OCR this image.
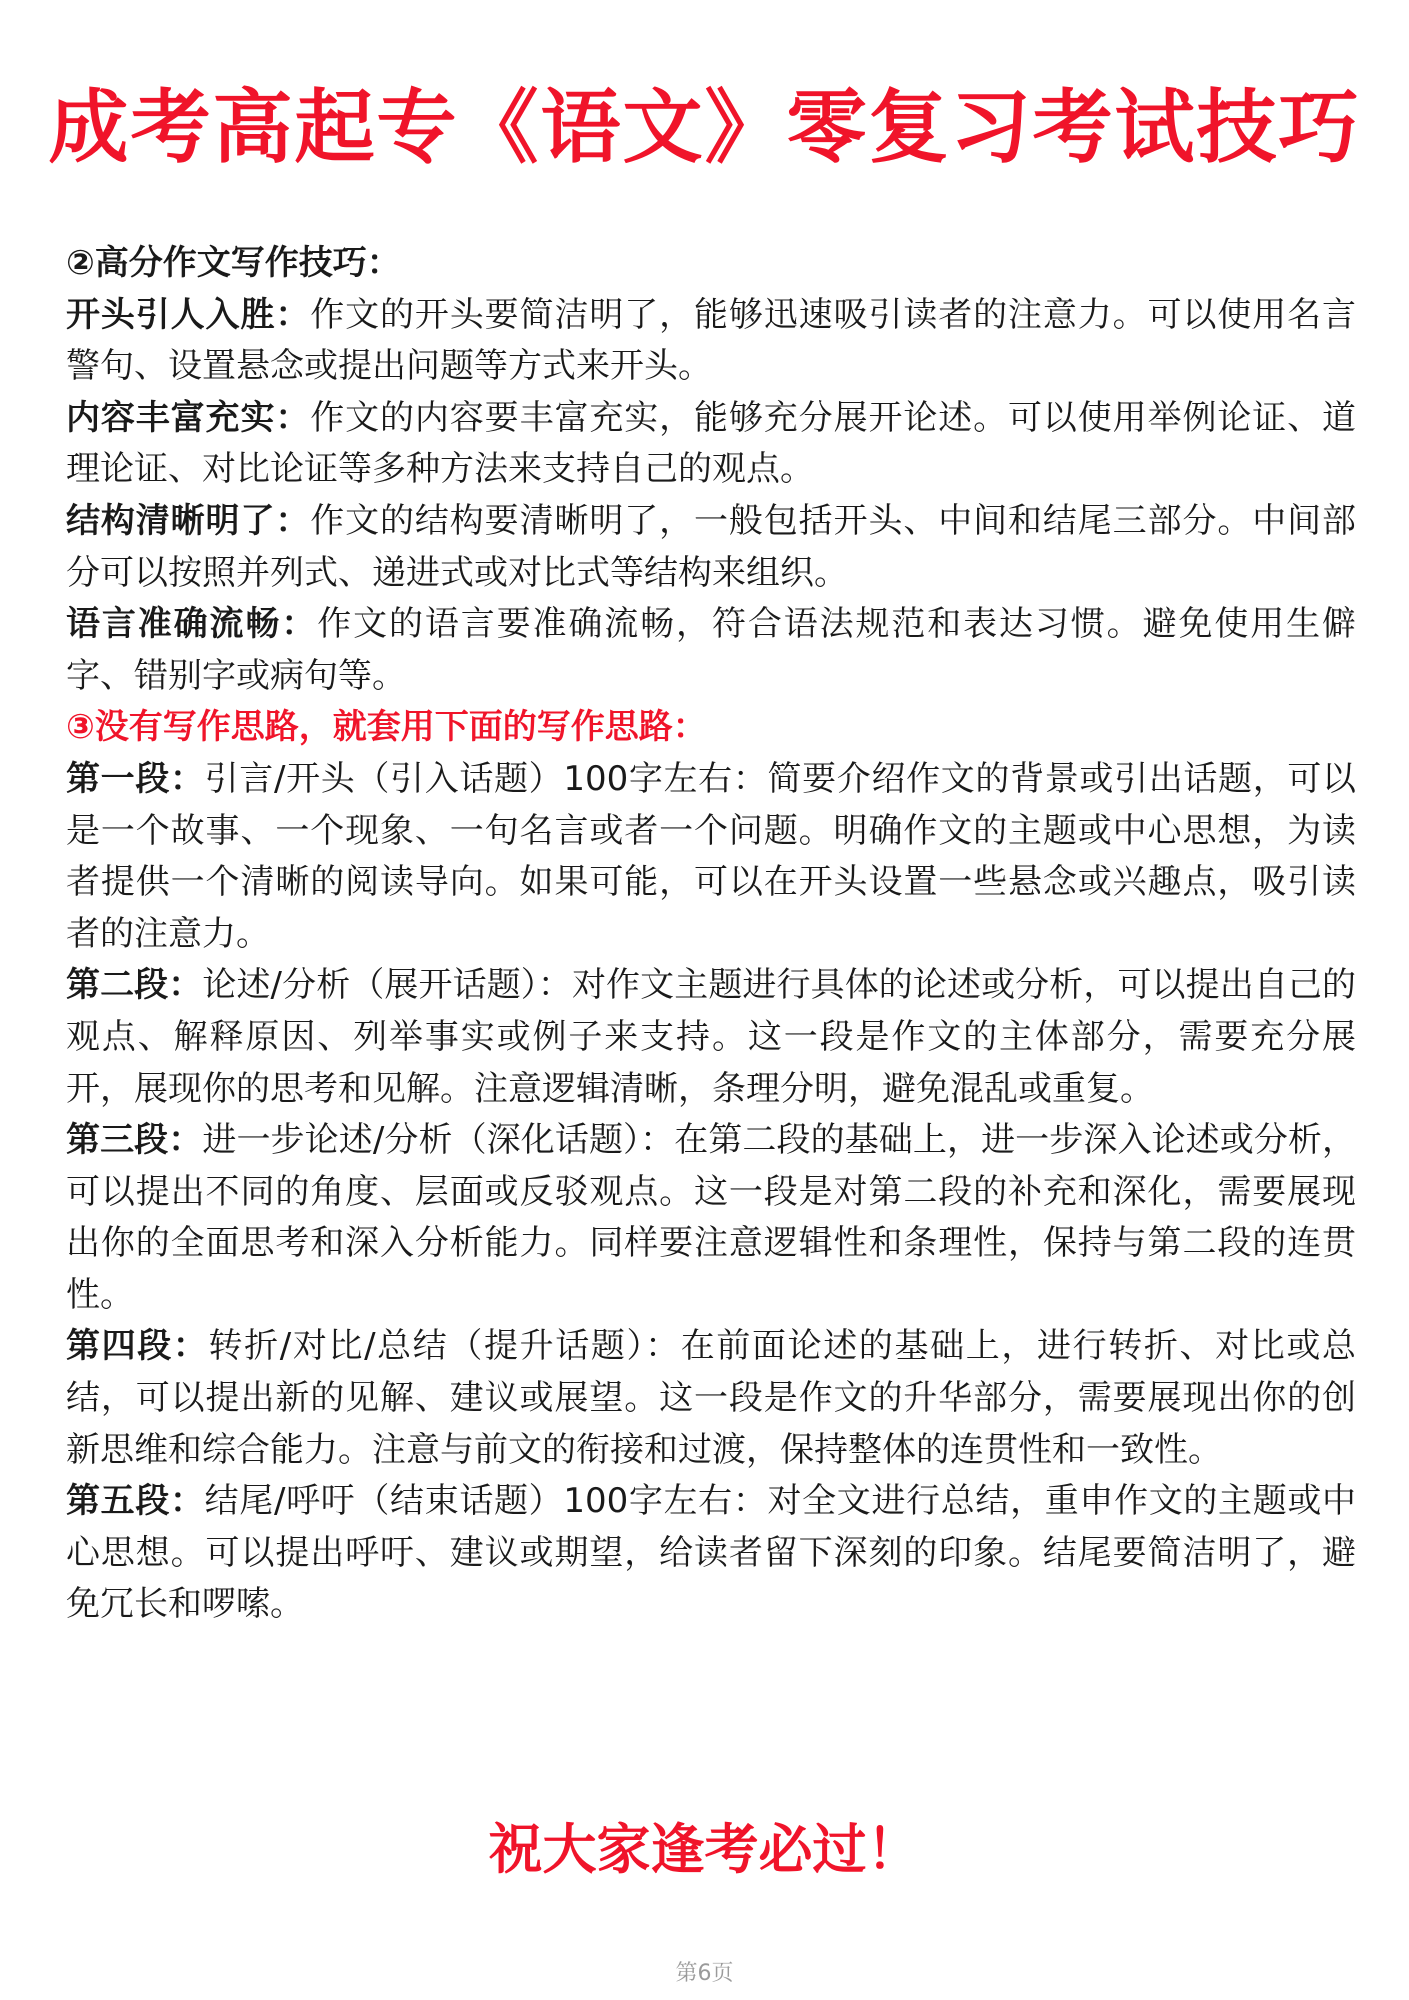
成考高起专《语文》零复习考试技巧

②高分作文写作技巧：

开头引人入胜：作文的开头要简洁明了，能够迅速吸引读者的注意力。可以使用名言警句、设置悬念或提出问题等方式来开头。

内容丰富充实：作文的内容要丰富充实，能够充分展开论述。可以使用举例论证、道理论证、对比论证等多种方法来支持自己的观点。

结构清晰明了：作文的结构要清晰明了，一般包括开头、中间和结尾三部分。中间部分可以按照并列式、递进式或对比式等结构来组织。

语言准确流畅：作文的语言要准确流畅，符合语法规范和表达习惯。避免使用生僻字、错别字或病句等。

③没有写作思路，就套用下面的写作思路：

第一段：引言/开头（引入话题）100字左右：简要介绍作文的背景或引出话题，可以是一个故事、一个现象、一句名言或者一个问题。明确作文的主题或中心思想，为读者提供一个清晰的阅读导向。如果可能，可以在开头设置一些悬念或兴趣点，吸引读者的注意力。

第二段：论述/分析（展开话题）：对作文主题进行具体的论述或分析，可以提出自己的观点、解释原因、列举事实或例子来支持。这一段是作文的主体部分，需要充分展开，展现你的思考和见解。注意逻辑清晰，条理分明，避免混乱或重复。

第三段：进一步论述/分析（深化话题）：在第二段的基础上，进一步深入论述或分析，可以提出不同的角度、层面或反驳观点。这一段是对第二段的补充和深化，需要展现出你的全面思考和深入分析能力。同样要注意逻辑性和条理性，保持与第二段的连贯性。

第四段：转折/对比/总结（提升话题）：在前面论述的基础上，进行转折、对比或总结，可以提出新的见解、建议或展望。这一段是作文的升华部分，需要展现出你的创新思维和综合能力。注意与前文的衔接和过渡，保持整体的连贯性和一致性。

第五段：结尾/呼吁（结束话题）100字左右：对全文进行总结，重申作文的主题或中心思想。可以提出呼吁、建议或期望，给读者留下深刻的印象。结尾要简洁明了，避免冗长和啰嗦。

祝大家逢考必过！

第6页
